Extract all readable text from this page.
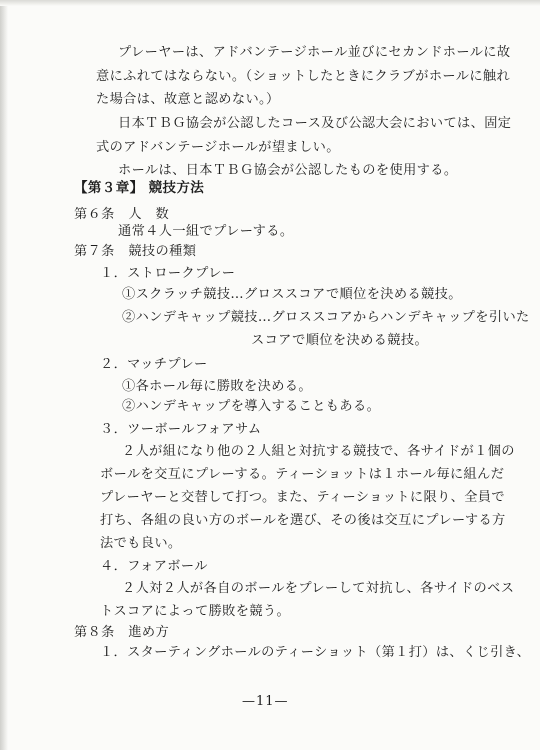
プレーヤーは、アドバンテージホール並びにセカンドホールに故
意にふれてはならない。（ショットしたときにクラブがホールに触れ
た場合は、故意と認めない。）
日本ＴＢＧ協会が公認したコース及び公認大会においては、固定
式のアドバンテージホールが望ましい。
ホールは、日本ＴＢＧ協会が公認したものを使用する。
【第３章】 競技方法
第６条　人　数
通常４人一組でプレーする。
第７条　競技の種類
１．ストロークプレー
①スクラッチ競技…グロススコアで順位を決める競技。
②ハンデキャップ競技…グロススコアからハンデキャップを引いた
スコアで順位を決める競技。
２．マッチプレー
①各ホール毎に勝敗を決める。
②ハンデキャップを導入することもある。
３．ツーボールフォアサム
２人が組になり他の２人組と対抗する競技で、各サイドが１個の
ボールを交互にプレーする。ティーショットは１ホール毎に組んだ
プレーヤーと交替して打つ。また、ティーショットに限り、全員で
打ち、各組の良い方のボールを選び、その後は交互にプレーする方
法でも良い。
４．フォアボール
２人対２人が各自のボールをプレーして対抗し、各サイドのベス
トスコアによって勝敗を競う。
第８条　進め方
１．スターティングホールのティーショット（第１打）は、くじ引き、
—11—
